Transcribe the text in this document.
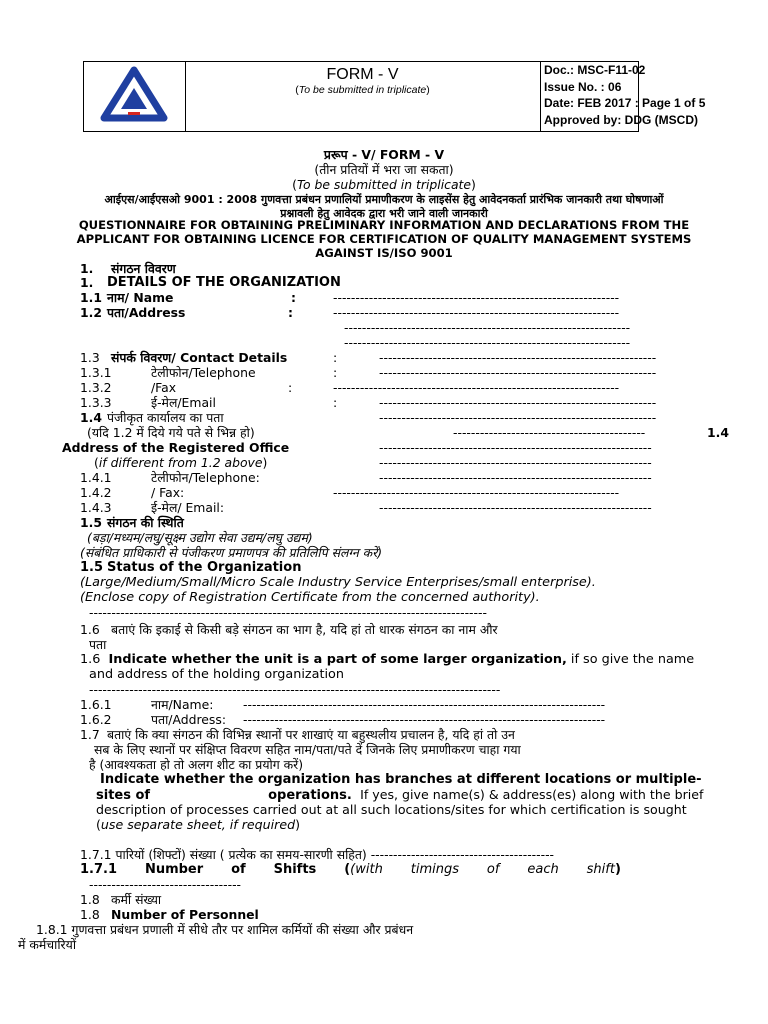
FORM - V
(To be submitted in triplicate)
Doc.: MSC-F11-02
Issue No. : 06
Date: FEB 2017 : Page 1 of 5
Approved by: DDG (MSCD)
प्ररूप - V/ FORM - V
(तीन प्रतियों में भरा जा सकता)
(To be submitted in triplicate)
आईएस/आईएसओ 9001 : 2008 गुणवत्ता प्रबंधन प्रणालियों प्रमाणीकरण के लाइसेंस हेतु आवेदनकर्ता प्रारंभिक जानकारी तथा घोषणाओं
प्रश्नावली हेतु आवेदक द्वारा भरी जाने वाली जानकारी
QUESTIONNAIRE FOR OBTAINING PRELIMINARY INFORMATION AND DECLARATIONS FROM THE
APPLICANT FOR OBTAINING LICENCE FOR CERTIFICATION OF QUALITY MANAGEMENT SYSTEMS
AGAINST IS/ISO 9001
1. संगठन विवरण
1. DETAILS OF THE ORGANIZATION
1.1 नाम/ Name	:	----------------------------------------------------------------
1.2 पता/Address	:	----------------------------------------------------------------
----------------------------------------------------------------
----------------------------------------------------------------
1.3 संपर्क विवरण/ Contact Details	:	--------------------------------------------------------------
1.3.1	टेलीफोन/Telephone	:	--------------------------------------------------------------
1.3.2	/Fax	:	----------------------------------------------------------------
1.3.3	ई-मेल/Email	:	--------------------------------------------------------------
1.4 पंजीकृत कार्यालय का पता	--------------------------------------------------------------
(यदि 1.2 में दिये गये पते से भिन्न हो)	-------------------------------------------	1.4
Address of the Registered Office	-------------------------------------------------------------
(if different from 1.2 above)	-------------------------------------------------------------
1.4.1	टेलीफोन/Telephone:	-------------------------------------------------------------
1.4.2	/ Fax:	----------------------------------------------------------------
1.4.3	ई-मेल/ Email:	-------------------------------------------------------------
1.5 संगठन की स्थिति
(बड़ा/मध्यम/लघु/सूक्ष्म उद्योग सेवा उद्यम/लघु उद्यम)
(संबंधित प्राधिकारी से पंजीकरण प्रमाणपत्र की प्रतिलिपि संलग्न करें)
1.5 Status of the Organization
(Large/Medium/Small/Micro Scale Industry Service Enterprises/small enterprise).
(Enclose copy of Registration Certificate from the concerned authority).
-----------------------------------------------------------------------------------------
1.6 बताएं कि इकाई से किसी बड़े संगठन का भाग है, यदि हां तो धारक संगठन का नाम और
पता
1.6 Indicate whether the unit is a part of some larger organization, if so give the name
and address of the holding organization
--------------------------------------------------------------------------------------------
1.6.1	नाम/Name: ---------------------------------------------------------------------------------
1.6.2	पता/Address: ---------------------------------------------------------------------------------
1.7 बताएं कि क्या संगठन की विभिन्न स्थानों पर शाखाएं या बहुस्थलीय प्रचालन है, यदि हां तो उन
सब के लिए स्थानों पर संक्षिप्त विवरण सहित नाम/पता/पते दें जिनके लिए प्रमाणीकरण चाहा गया
है (आवश्यकता हो तो अलग शीट का प्रयोग करें)
Indicate whether the organization has branches at different locations or multiple-
sites of	operations. If yes, give name(s) & address(es) along with the brief
description of processes carried out at all such locations/sites for which certification is sought
(use separate sheet, if required)
1.7.1 पारियों (शिफ्टों) संख्या ( प्रत्येक का समय-सारणी सहित) -----------------------------------------
1.7.1 Number of Shifts ((with timings of each shift)
----------------------------------
1.8 कर्मी संख्या
1.8 Number of Personnel
1.8.1 गुणवत्ता प्रबंधन प्रणाली में सीधे तौर पर शामिल कर्मियों की संख्या और प्रबंधन
में कर्मचारियों
